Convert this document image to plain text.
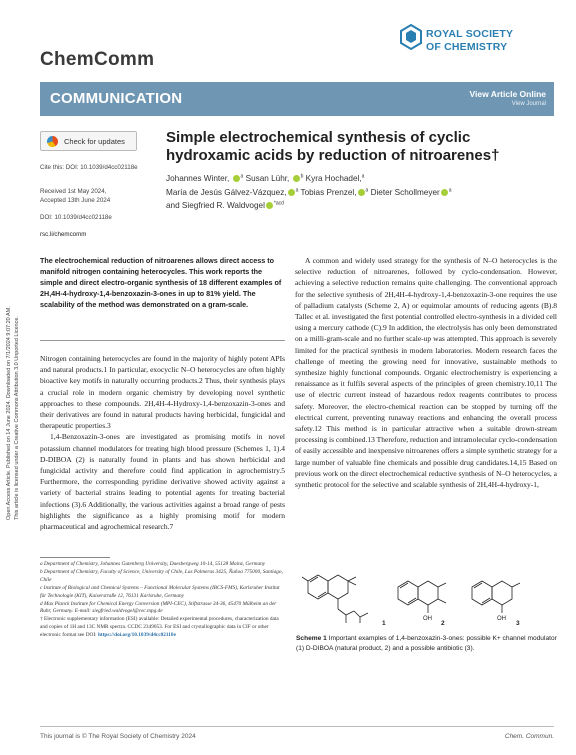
ROYAL SOCIETY
OF CHEMISTRY
ChemComm
COMMUNICATION	View Article Online
View Journal
Open Access Article. Published on 14 June 2024. Downloaded on 7/1/2024 9:07:20 AM. This article is licensed under a Creative Commons Attribution 3.0 Unported Licence.
Check for updates
Cite this: DOI: 10.1039/d4cc02118e
Received 1st May 2024,
Accepted 13th June 2024
DOI: 10.1039/d4cc02118e
rsc.li/chemcomm
Simple electrochemical synthesis of cyclic hydroxamic acids by reduction of nitroarenes†
Johannes Winter, $^a$ Susan Lühr, $^b$ Kyra Hochadel,$^a$
María de Jesús Gálvez-Vázquez, $^a$ Tobias Prenzel, $^a$ Dieter Schollmeyer $^a$
and Siegfried R. Waldvogel $^{*acd}$
The electrochemical reduction of nitroarenes allows direct access to manifold nitrogen containing heterocycles. This work reports the simple and direct electro-organic synthesis of 18 different examples of 2H,4H-4-hydroxy-1,4-benzoxazin-3-ones in up to 81% yield. The scalability of the method was demonstrated on a gram-scale.

Nitrogen containing heterocycles are found in the majority of highly potent APIs and natural products.1 In particular, exocyclic N–O heterocycles are often highly bioactive key motifs in naturally occurring products.2 Thus, their synthesis plays a crucial role in modern organic chemistry by developing novel synthetic approaches to these compounds. 2H,4H-4-Hydroxy-1,4-benzoxazin-3-ones and their derivatives are found in natural products having herbicidal, fungicidal and therapeutic properties.3

1,4-Benzoxazin-3-ones are investigated as promising motifs in novel potassium channel modulators for treating high blood pressure (Schemes 1, 1).4 D-DIBOA (2) is naturally found in plants and has shown herbicidal and fungicidal activity and therefore could find application in agrochemistry.5 Furthermore, the corresponding pyridine derivative showed activity against a variety of bacterial strains leading to potential agents for treating bacterial infections (3).6 Additionally, the various activities against a broad range of pests highlights the significance as a highly promising motif for modern pharmaceutical and agrochemical research.7

A common and widely used strategy for the synthesis of N–O heterocycles is the selective reduction of nitroarenes, followed by cyclo-condensation. However, achieving a selective reduction remains quite challenging. The conventional approach for the selective synthesis of 2H,4H-4-hydroxy-1,4-benzoxazin-3-one requires the use of palladium catalysts (Scheme 2, A) or equimolar amounts of reducing agents (B).8 Tallec et al. investigated the first potential controlled electro-synthesis in a divided cell using a mercury cathode (C).9 In addition, the electrolysis has only been demonstrated on a milli-gram-scale and no further scale-up was attempted. This approach is severely limited for the practical synthesis in modern laboratories. Modern research faces the challenge of meeting the growing need for innovative, sustainable methods to synthesize highly functional compounds. Organic electrochemistry is experiencing a renaissance as it fulfils several aspects of the principles of green chemistry.10,11 The use of electric current instead of hazardous redox reagents contributes to process safety. Moreover, the electro-chemical reaction can be stopped by turning off the electrical current, preventing runaway reactions and enhancing the overall process safety.12 This method is in particular attractive when a suitable drown-stream processing is combined.13 Therefore, reduction and intramolecular cyclo-condensation of easily accessible and inexpensive nitroarenes offers a simple synthetic strategy for a large number of valuable fine chemicals and possible drug candidates.14,15 Based on previous work on the direct electrochemical reductive synthesis of N–O heterocycles, a synthetic protocol for the selective and scalable synthesis of 2H,4H-4-hydroxy-1,
a Department of Chemistry, Johannes Gutenberg University, Duesbergweg 10-14, 55128 Mainz, Germany
b Department of Chemistry, Faculty of Science, University of Chile, Las Palmeras 3425, Ñuñoa 775000, Santiago, Chile
c Institute of Biological and Chemical Systems – Functional Molecular Systems (IBCS-FMS), Karlsruher Institut für Technologie (KIT), Kaiserstraße 12, 76131 Karlsruhe, Germany
d Max Planck Institute for Chemical Energy Conversion (MPI-CEC), Stiftstrasse 34-36, 45470 Mülheim an der Ruhr, Germany. E-mail: siegfried.waldvogel@cec.mpg.de
† Electronic supplementary information (ESI) available: Detailed experimental procedures, characterization data and copies of 1H and 13C NMR spectra. CCDC 2349053. For ESI and crystallographic data in CIF or other electronic format see DOI: https://doi.org/10.1039/d4cc02118e
1
OH
2
OH
3
Scheme 1 Important examples of 1,4-benzoxazin-3-ones: possible K+ channel modulator (1) D-DIBOA (natural product, 2) and a possible antibiotic (3).
This journal is © The Royal Society of Chemistry 2024	Chem. Commun.
